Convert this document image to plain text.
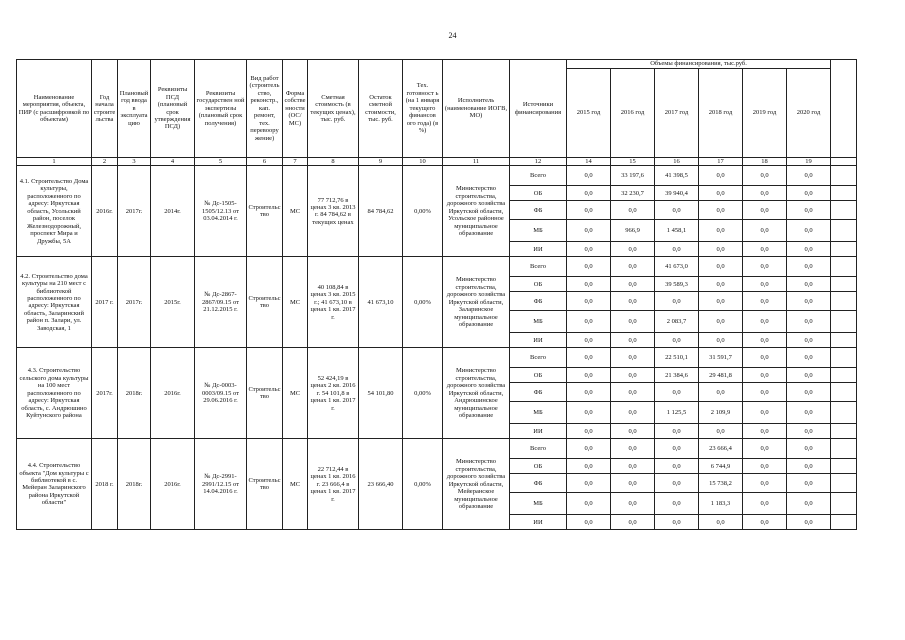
24
Наименование мероприятия, объекта, ПИР (с расшифровкой по объектам)	Год начала строите льства	Плановый год ввода в эксплуата цию	Реквизиты ПСД (плановый срок утверждения ПСД)	Реквизиты государствен ной экспертизы (плановый срок получения)	Вид работ (строитель ство, реконстр., кап. ремонт, тех. перевоору жение)	Форма собстве нности (ОС/МС)	Сметная стоимость (в текущих ценах), тыс. руб.	Остаток сметной стоимости, тыс. руб.	Тех. готовност ь (на 1 января текущего финансов ого года) (в %)	Исполнитель (наименование ИОГВ, МО)	Источники финансирования	Объемы финансирования, тыс.руб.						
												2015 год	2016 год	2017 год	2018 год	2019 год	2020 год	
1	2	3	4	5	6	7	8	9	10	11	12	14	15	16	17	18	19	
4.1. Строительство Дома культуры, расположенного по адресу: Иркутская область, Усольский район, поселок Железнодорожный, проспект Мира и Дружбы, 5А	2016г.	2017г.	2014г.	№ Дс-1505-1505/12.13 от 03.04.2014 г.	Строительс тво	МС	77 712,76 в ценах 3 кв. 2013 г. 84 784,62 в текущих ценах	84 784,62	0,00%	Министерство строительства, дорожного хозяйства Иркутской области, Усольское районное муниципальное образование	Всего	0,0	33 197,6	41 398,5	0,0	0,0	0,0	
											ОБ	0,0	32 230,7	39 940,4	0,0	0,0	0,0	
											ФБ	0,0	0,0	0,0	0,0	0,0	0,0	
											МБ	0,0	966,9	1 458,1	0,0	0,0	0,0	
											ИИ	0,0	0,0	0,0	0,0	0,0	0,0	
4.2. Строительство дома культуры на 210 мест с библиотекой расположенного по адресу: Иркутская область, Заларинский район п. Залари, ул. Заводская, 1	2017 г.	2017г.	2015г.	№ Дс-2867-2867/09.15 от 21.12.2015 г.	Строительс тво	МС	40 108,84 в ценах 3 кв. 2015 г.; 41 673,10 в ценах 1 кв. 2017 г.	41 673,10	0,00%	Министерство строительства, дорожного хозяйства Иркутской области, Заларинское муниципальное образование	Всего	0,0	0,0	41 673,0	0,0	0,0	0,0	
											ОБ	0,0	0,0	39 589,3	0,0	0,0	0,0	
											ФБ	0,0	0,0	0,0	0,0	0,0	0,0	
											МБ	0,0	0,0	2 083,7	0,0	0,0	0,0	
											ИИ	0,0	0,0	0,0	0,0	0,0	0,0	
4.3. Строительство сельского дома культуры на 100 мест расположенного по адресу: Иркутская область, с. Андрюшино Куйтунского района	2017г.	2018г.	2016г.	№ Дс-0003-0003/09.15 от 29.06.2016 г.	Строительс тво	МС	52 424,19 в ценах 2 кв. 2016 г. 54 101,8 в ценах 1 кв. 2017 г.	54 101,80	0,00%	Министерство строительства, дорожного хозяйства Иркутской области, Андрюшинское муниципальное образование	Всего	0,0	0,0	22 510,1	31 591,7	0,0	0,0	
											ОБ	0,0	0,0	21 384,6	29 481,8	0,0	0,0	
											ФБ	0,0	0,0	0,0	0,0	0,0	0,0	
											МБ	0,0	0,0	1 125,5	2 109,9	0,0	0,0	
											ИИ	0,0	0,0	0,0	0,0	0,0	0,0	
4.4. Строительство объекта "Дом культуры с библиотекой в с. Мейеран Заларинского района Иркутской области"	2018 г.	2018г.	2016г.	№ Дс-2991-2991/12.15 от 14.04.2016 г.	Строительс тво	МС	22 712,44 в ценах 1 кв. 2016 г. 23 666,4 в ценах 1 кв. 2017 г.	23 666,40	0,00%	Министерство строительства, дорожного хозяйства Иркутской области, Мейеранское муниципальное образование	Всего	0,0	0,0	0,0	23 666,4	0,0	0,0	
											ОБ	0,0	0,0	0,0	6 744,9	0,0	0,0	
											ФБ	0,0	0,0	0,0	15 738,2	0,0	0,0	
											МБ	0,0	0,0	0,0	1 183,3	0,0	0,0	
											ИИ	0,0	0,0	0,0	0,0	0,0	0,0	
